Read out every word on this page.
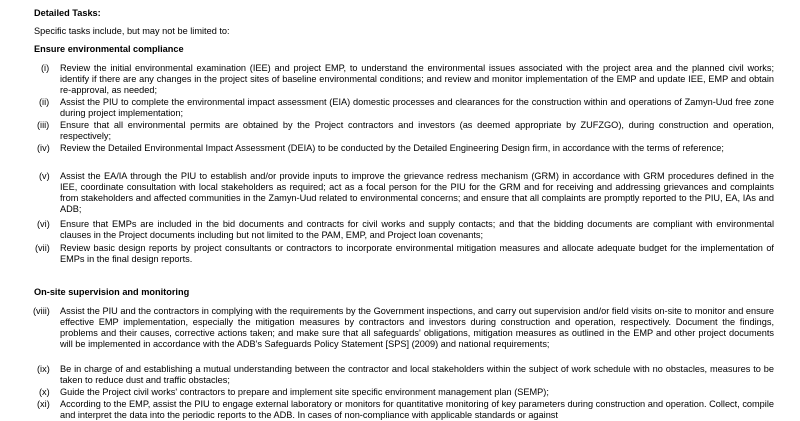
Detailed Tasks:
Specific tasks include, but may not be limited to:
Ensure environmental compliance
(i) Review the initial environmental examination (IEE) and project EMP, to understand the environmental issues associated with the project area and the planned civil works; identify if there are any changes in the project sites of baseline environmental conditions; and review and monitor implementation of the EMP and update IEE, EMP and obtain re-approval, as needed;
(ii) Assist the PIU to complete the environmental impact assessment (EIA) domestic processes and clearances for the construction within and operations of Zamyn-Uud free zone during project implementation;
(iii) Ensure that all environmental permits are obtained by the Project contractors and investors (as deemed appropriate by ZUFZGO), during construction and operation, respectively;
(iv) Review the Detailed Environmental Impact Assessment (DEIA) to be conducted by the Detailed Engineering Design firm, in accordance with the terms of reference;
(v) Assist the EA/IA through the PIU to establish and/or provide inputs to improve the grievance redress mechanism (GRM) in accordance with GRM procedures defined in the IEE, coordinate consultation with local stakeholders as required; act as a focal person for the PIU for the GRM and for receiving and addressing grievances and complaints from stakeholders and affected communities in the Zamyn-Uud related to environmental concerns; and ensure that all complaints are promptly reported to the PIU, EA, IAs and ADB;
(vi) Ensure that EMPs are included in the bid documents and contracts for civil works and supply contacts; and that the bidding documents are compliant with environmental clauses in the Project documents including but not limited to the PAM, EMP, and Project loan covenants;
(vii) Review basic design reports by project consultants or contractors to incorporate environmental mitigation measures and allocate adequate budget for the implementation of EMPs in the final design reports.
On-site supervision and monitoring
(viii) Assist the PIU and the contractors in complying with the requirements by the Government inspections, and carry out supervision and/or field visits on-site to monitor and ensure effective EMP implementation, especially the mitigation measures by contractors and investors during construction and operation, respectively. Document the findings, problems and their causes, corrective actions taken; and make sure that all safeguards' obligations, mitigation measures as outlined in the EMP and other project documents will be implemented in accordance with the ADB's Safeguards Policy Statement [SPS] (2009) and national requirements;
(ix) Be in charge of and establishing a mutual understanding between the contractor and local stakeholders within the subject of work schedule with no obstacles, measures to be taken to reduce dust and traffic obstacles;
(x) Guide the Project civil works' contractors to prepare and implement site specific environment management plan (SEMP);
(xi) According to the EMP, assist the PIU to engage external laboratory or monitors for quantitative monitoring of key parameters during construction and operation. Collect, compile and interpret the data into the periodic reports to the ADB. In cases of non-compliance with applicable standards or against
